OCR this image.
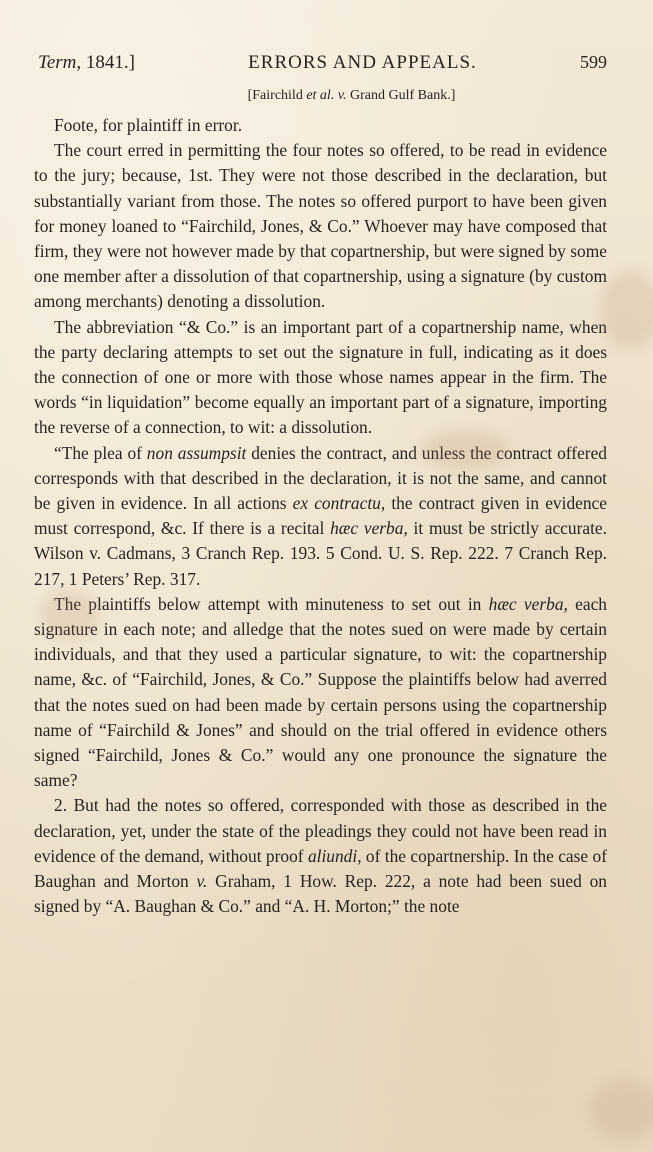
Term, 1841.]	ERRORS AND APPEALS.	599
[Fairchild et al. v. Grand Gulf Bank.]

Foote, for plaintiff in error.

The court erred in permitting the four notes so offered, to be read in evidence to the jury; because, 1st. They were not those described in the declaration, but substantially variant from those. The notes so offered purport to have been given for money loaned to “Fairchild, Jones, & Co.” Whoever may have composed that firm, they were not however made by that copartnership, but were signed by some one member after a dissolution of that copartnership, using a signature (by custom among merchants) denoting a dissolution.

The abbreviation “& Co.” is an important part of a copartnership name, when the party declaring attempts to set out the signature in full, indicating as it does the connection of one or more with those whose names appear in the firm. The words “in liquidation” become equally an important part of a signature, importing the reverse of a connection, to wit: a dissolution.

“The plea of non assumpsit denies the contract, and unless the contract offered corresponds with that described in the declaration, it is not the same, and cannot be given in evidence. In all actions ex contractu, the contract given in evidence must correspond, &c. If there is a recital hæc verba, it must be strictly accurate. Wilson v. Cadmans, 3 Cranch Rep. 193. 5 Cond. U. S. Rep. 222. 7 Cranch Rep. 217, 1 Peters’ Rep. 317.

The plaintiffs below attempt with minuteness to set out in hæc verba, each signature in each note; and alledge that the notes sued on were made by certain individuals, and that they used a particular signature, to wit: the copartnership name, &c. of “Fairchild, Jones, & Co.” Suppose the plaintiffs below had averred that the notes sued on had been made by certain persons using the copartnership name of “Fairchild & Jones” and should on the trial offered in evidence others signed “Fairchild, Jones & Co.” would any one pronounce the signature the same?

2. But had the notes so offered, corresponded with those as described in the declaration, yet, under the state of the pleadings they could not have been read in evidence of the demand, without proof aliundi, of the copartnership. In the case of Baughan and Morton v. Graham, 1 How. Rep. 222, a note had been sued on signed by “A. Baughan & Co.” and “A. H. Morton;” the note
